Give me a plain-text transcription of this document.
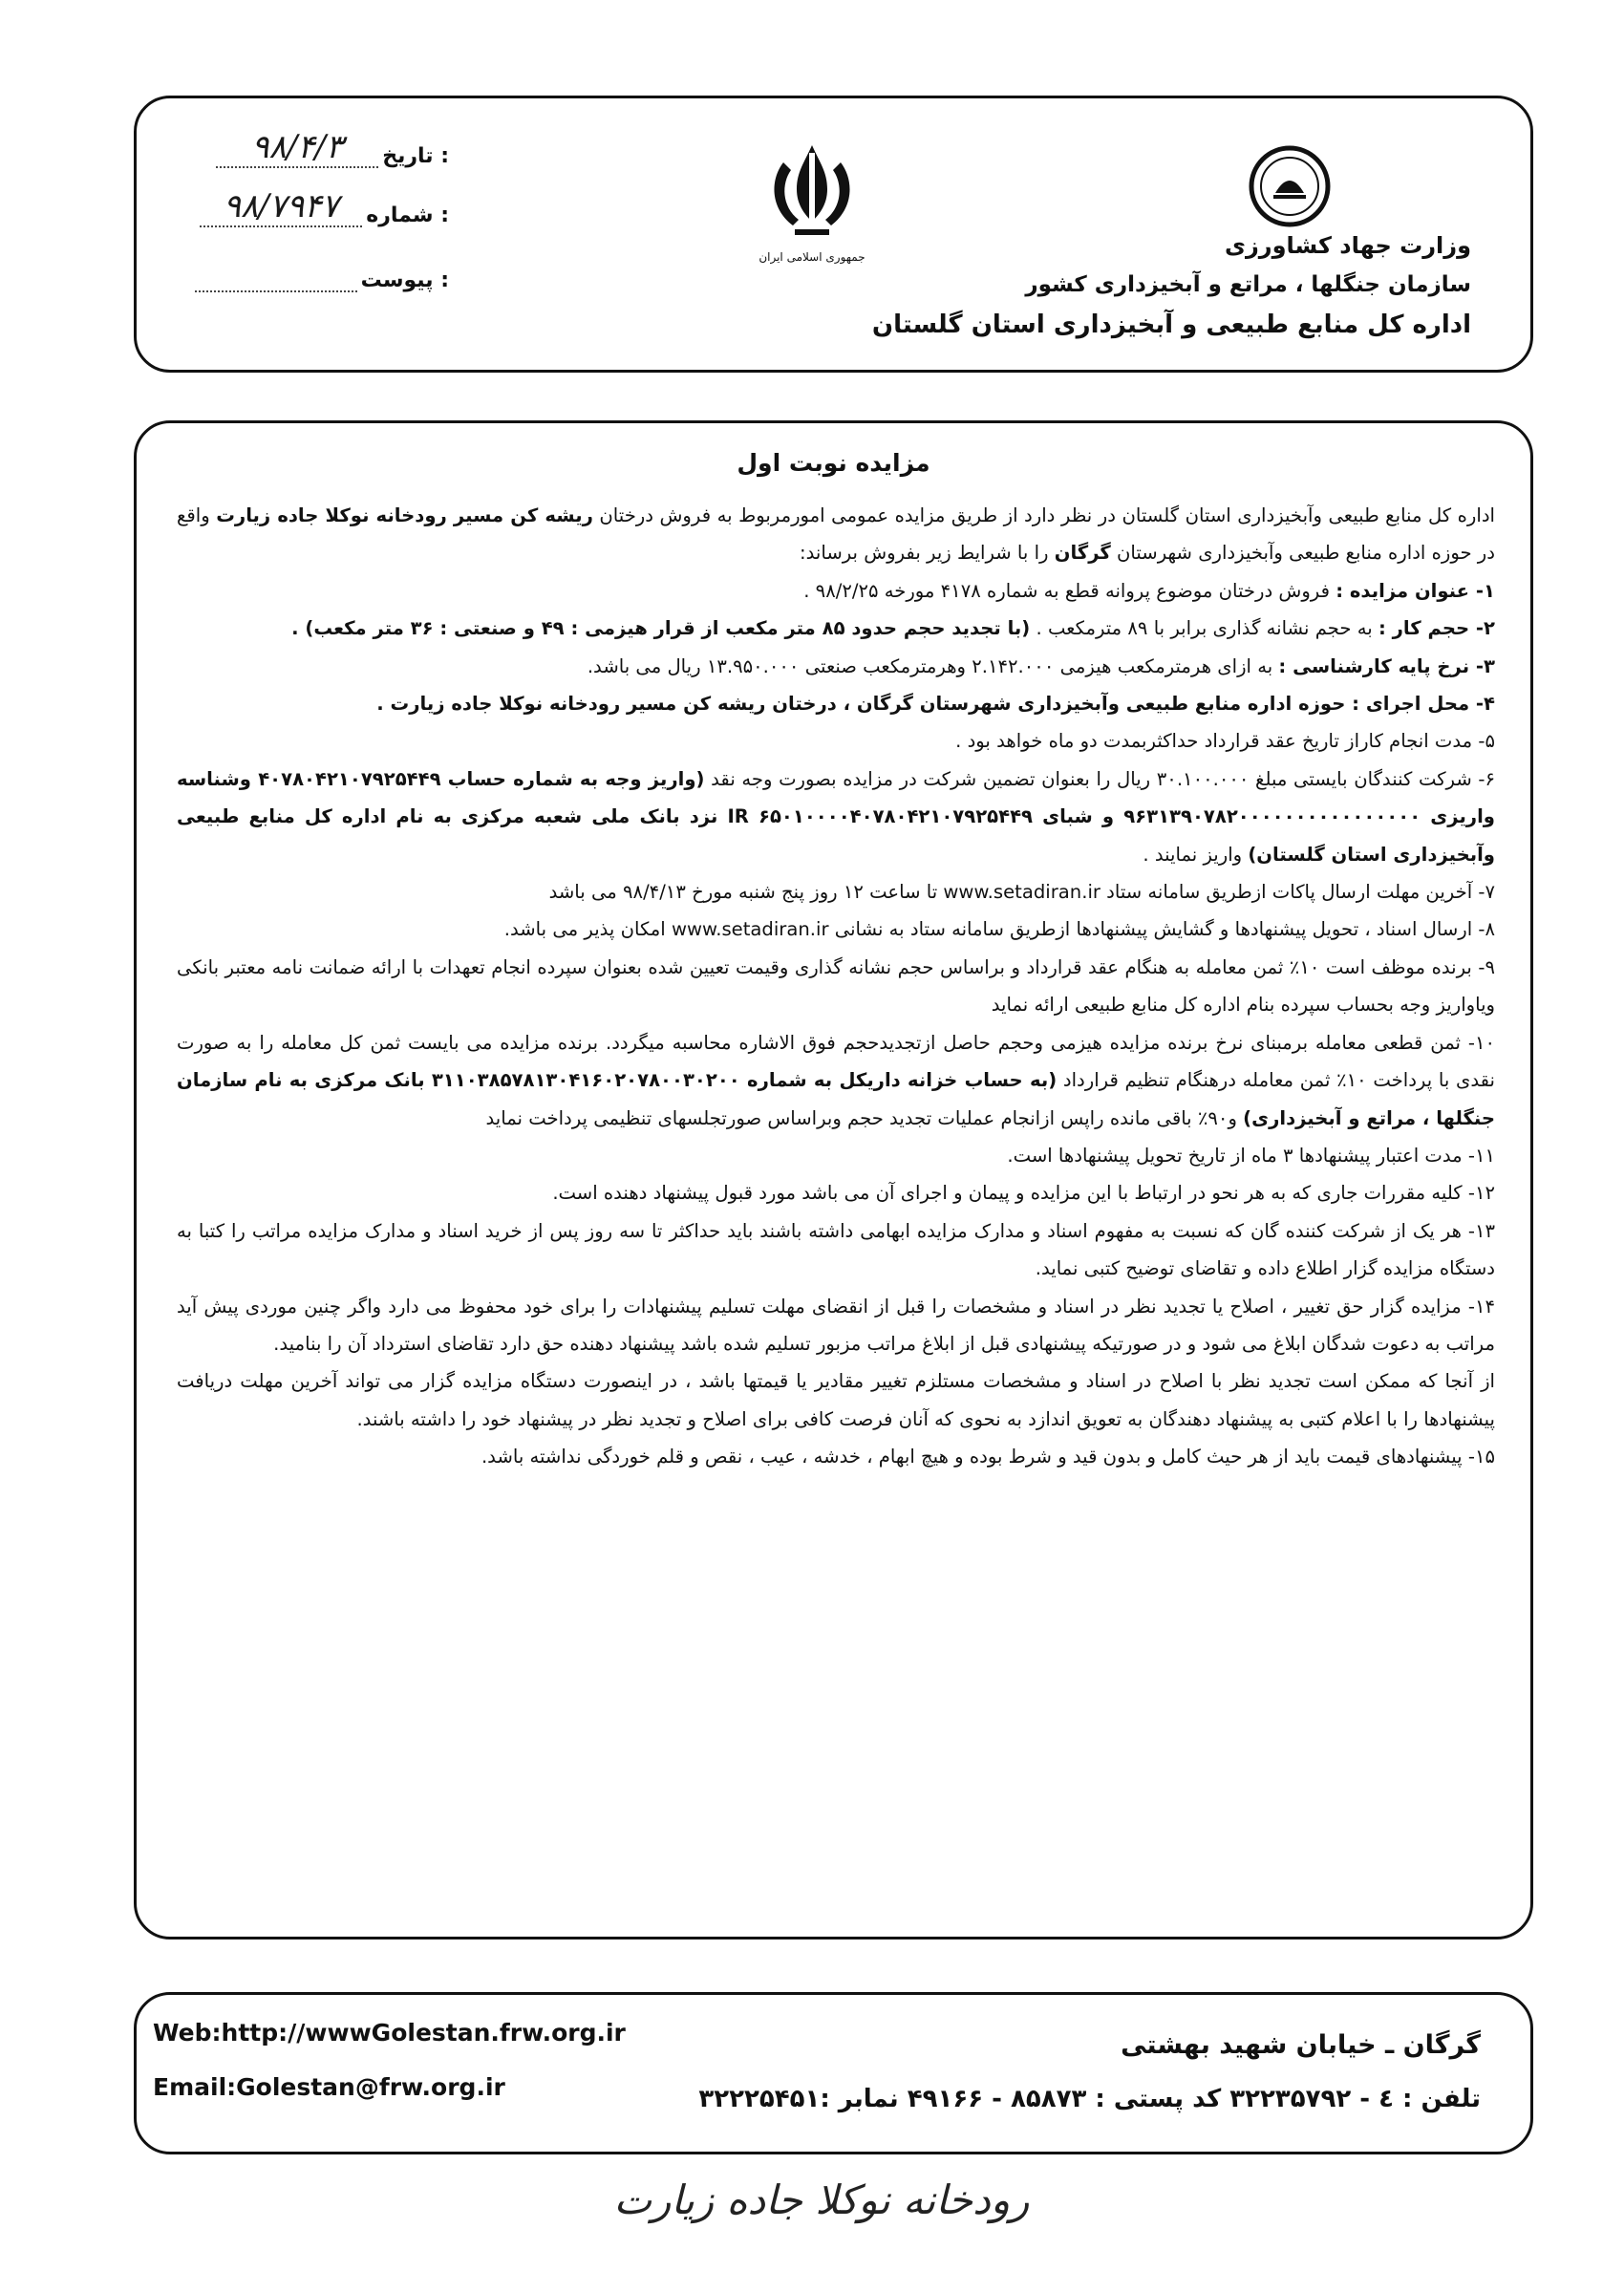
تاریخ :
۹۸/۴/۳
شماره :
۹۸/۷۹۴۷
پیوست :
جمهوری اسلامی ایران	وزارت جهاد کشاورزی
سازمان جنگلها ، مراتع و آبخیزداری کشور
اداره کل منابع طبیعی و آبخیزداری استان گلستان
مزایده نوبت اول

اداره کل منابع طبیعی وآبخیزداری استان گلستان در نظر دارد از طریق مزایده عمومی امورمربوط به فروش درختان ریشه کن مسیر رودخانه نوکلا جاده زیارت واقع در حوزه اداره منابع طبیعی وآبخیزداری شهرستان گرگان را با شرایط زیر بفروش برساند:

۱- عنوان مزایده : فروش درختان موضوع پروانه قطع به شماره ۴۱۷۸ مورخه ۹۸/۲/۲۵ .

۲- حجم کار : به حجم نشانه گذاری برابر با ۸۹ مترمکعب . (با تجدید حجم حدود ۸۵ متر مکعب از قرار هیزمی : ۴۹ و صنعتی : ۳۶ متر مکعب) .

۳- نرخ پایه کارشناسی : به ازای هرمترمکعب هیزمی ۲.۱۴۲.۰۰۰ وهرمترمکعب صنعتی ۱۳.۹۵۰.۰۰۰ ریال می باشد.

۴- محل اجرای : حوزه اداره منابع طبیعی وآبخیزداری شهرستان گرگان ، درختان ریشه کن مسیر رودخانه نوکلا جاده زیارت .

۵- مدت انجام کاراز تاریخ عقد قرارداد حداکثربمدت دو ماه خواهد بود .

۶- شرکت کنندگان بایستی مبلغ ۳۰.۱۰۰.۰۰۰ ریال را بعنوان تضمین شرکت در مزایده بصورت وجه نقد (واریز وجه به شماره حساب ۴۰۷۸۰۴۲۱۰۷۹۲۵۴۴۹ وشناسه واریزی ۹۶۳۱۳۹۰۷۸۲۰۰۰۰۰۰۰۰۰۰۰۰۰۰۰۰ و شبای IR ۶۵۰۱۰۰۰۰۴۰۷۸۰۴۲۱۰۷۹۲۵۴۴۹ نزد بانک ملی شعبه مرکزی به نام اداره کل منابع طبیعی وآبخیزداری استان گلستان) واریز نمایند .

۷- آخرین مهلت ارسال پاکات ازطریق سامانه ستاد www.setadiran.ir تا ساعت ۱۲ روز پنج شنبه مورخ ۹۸/۴/۱۳ می باشد

۸- ارسال اسناد ، تحویل پیشنهادها و گشایش پیشنهادها ازطریق سامانه ستاد به نشانی www.setadiran.ir امکان پذیر می باشد.

۹- برنده موظف است ۱۰٪ ثمن معامله به هنگام عقد قرارداد و براساس حجم نشانه گذاری وقیمت تعیین شده بعنوان سپرده انجام تعهدات با ارائه ضمانت نامه معتبر بانکی ویاواریز وجه بحساب سپرده بنام اداره کل منابع طبیعی ارائه نماید

۱۰- ثمن قطعی معامله برمبنای نرخ برنده مزایده هیزمی وحجم حاصل ازتجدیدحجم فوق الاشاره محاسبه میگردد. برنده مزایده می بایست ثمن کل معامله را به صورت نقدی با پرداخت ۱۰٪ ثمن معامله درهنگام تنظیم قرارداد (به حساب خزانه داریکل به شماره ۳۱۱۰۳۸۵۷۸۱۳۰۴۱۶۰۲۰۷۸۰۰۳۰۲۰۰ بانک مرکزی به نام سازمان جنگلها ، مراتع و آبخیزداری) و۹۰٪ باقی مانده راپس ازانجام عملیات تجدید حجم وبراساس صورتجلسهای تنظیمی پرداخت نماید

۱۱- مدت اعتبار پیشنهادها ۳ ماه از تاریخ تحویل پیشنهادها است.

۱۲- کلیه مقررات جاری که به هر نحو در ارتباط با این مزایده و پیمان و اجرای آن می باشد مورد قبول پیشنهاد دهنده است.

۱۳- هر یک از شرکت کننده گان که نسبت به مفهوم اسناد و مدارک مزایده ابهامی داشته باشند باید حداکثر تا سه روز پس از خرید اسناد و مدارک مزایده مراتب را کتبا به دستگاه مزایده گزار اطلاع داده و تقاضای توضیح کتبی نماید.

۱۴- مزایده گزار حق تغییر ، اصلاح یا تجدید نظر در اسناد و مشخصات را قبل از انقضای مهلت تسلیم پیشنهادات را برای خود محفوظ می دارد واگر چنین موردی پیش آید مراتب به دعوت شدگان ابلاغ می شود و در صورتیکه پیشنهادی قبل از ابلاغ مراتب مزبور تسلیم شده باشد پیشنهاد دهنده حق دارد تقاضای استرداد آن را بنامید.

از آنجا که ممکن است تجدید نظر با اصلاح در اسناد و مشخصات مستلزم تغییر مقادیر یا قیمتها باشد ، در اینصورت دستگاه مزایده گزار می تواند آخرین مهلت دریافت پیشنهادها را با اعلام کتبی به پیشنهاد دهندگان به تعویق اندازد به نحوی که آنان فرصت کافی برای اصلاح و تجدید نظر در پیشنهاد خود را داشته باشند.

۱۵- پیشنهادهای قیمت باید از هر حیث کامل و بدون قید و شرط بوده و هیچ ابهام ، خدشه ، عیب ، نقص و قلم خوردگی نداشته باشد.

Web:http://wwwGolestan.frw.org.ir
Email:Golestan@frw.org.ir
گرگان ـ خیابان شهید بهشتی
تلفن : ٤ - ۳۲۲۳۵۷۹۲ کد پستی : ۸۵۸۷۳ - ۴۹۱۶۶ نمابر :۳۲۲۲۵۴۵۱
رودخانه نوکلا جاده زیارت
